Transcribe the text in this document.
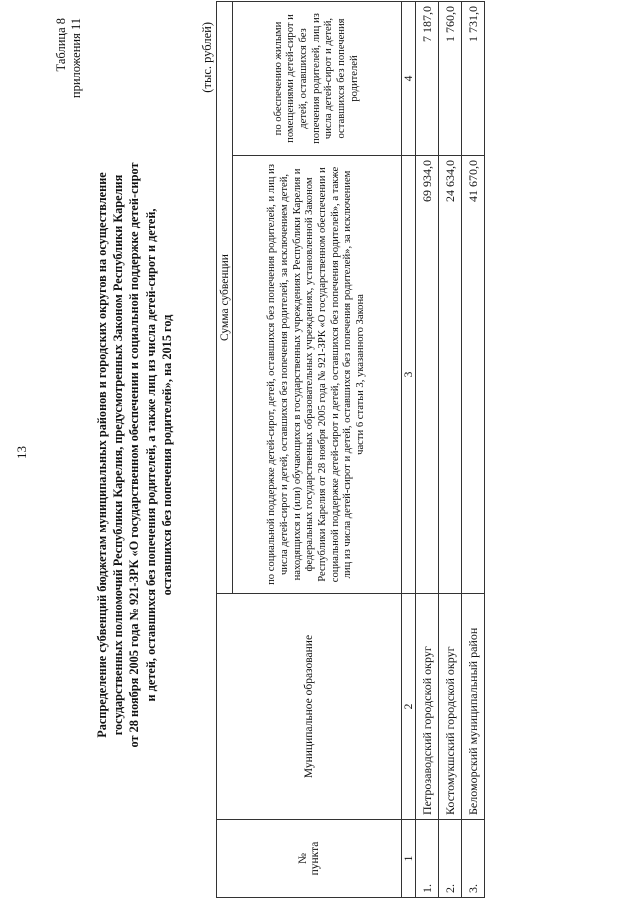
13
Таблица 8 приложения 11
Распределение субвенций бюджетам муниципальных районов и городских округов на осуществление государственных полномочий Республики Карелия, предусмотренных Законом Республики Карелия от 28 ноября 2005 года № 921-ЗРК «О государственном обеспечении и социальной поддержке детей-сирот и детей, оставшихся без попечения родителей, а также лиц из числа детей-сирот и детей, оставшихся без попечения родителей», на 2015 год
(тыс. рублей)
№ пункта	Муниципальное образование	Сумма субвенции	
		по социальной поддержке детей-сирот, детей, оставшихся без попечения родителей, и лиц из числа детей-сирот и детей, оставшихся без попечения родителей, за исключением детей, находящихся и (или) обучающихся в государственных учреждениях Республики Карелия и федеральных государственных образовательных учреждениях, установленной Законом Республики Карелия от 28 ноября 2005 года № 921-ЗРК «О государственном обеспечении и социальной поддержке детей-сирот и детей, оставшихся без попечения родителей», а также лиц из числа детей-сирот и детей, оставшихся без попечения родителей», за исключением части 6 статьи 3, указанного Закона	по обеспечению жилыми помещениями детей-сирот и детей, оставшихся без попечения родителей, лиц из числа детей-сирот и детей, оставшихся без попечения родителей
1	2	3	4
1.	Петрозаводский городской округ	69 934,0	7 187,0
2.	Костомукшский городской округ	24 634,0	1 760,0
3.	Беломорский муниципальный район	41 670,0	1 731,0
